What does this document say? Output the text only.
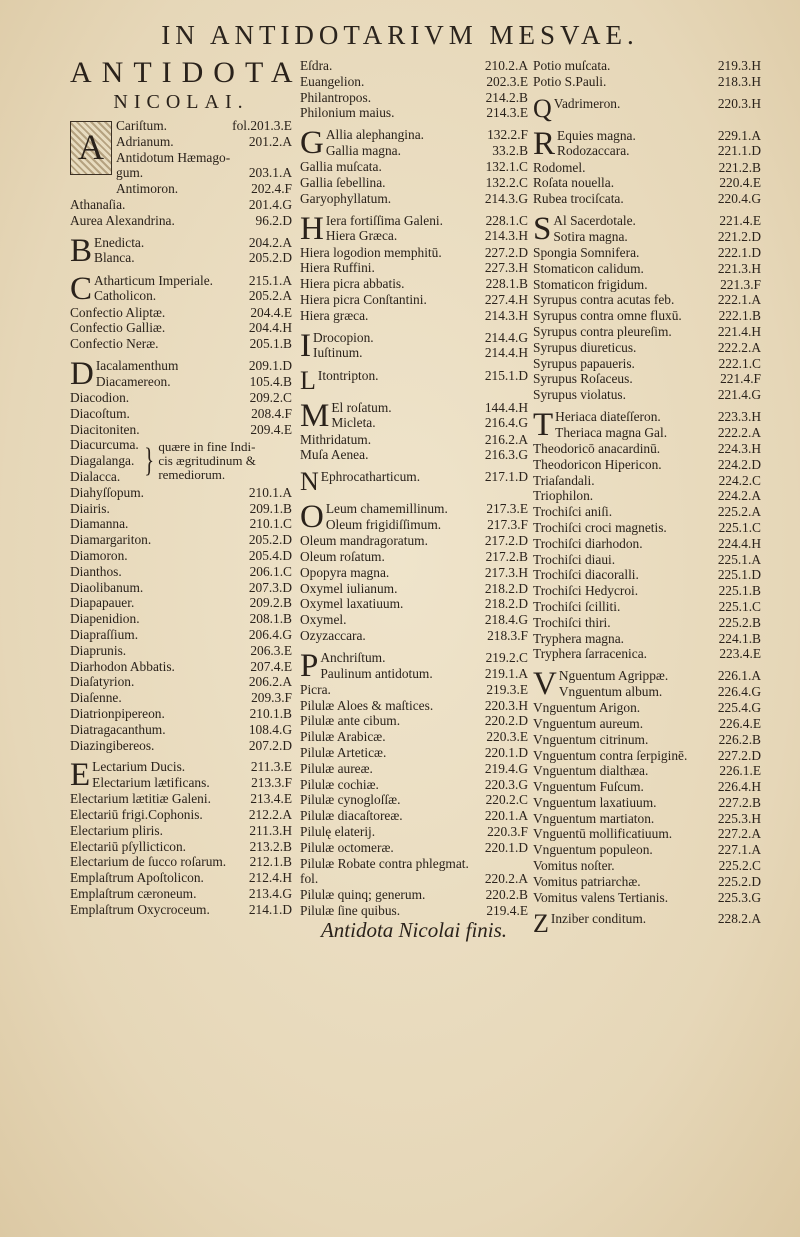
IN ANTIDOTARIVM MESVAE.
ANTIDOTA
NICOLAI.
A
Cariſtum.	fol.201.3.E
Adrianum.	201.2.A
Antidotum Hæmago-
gum.	203.1.A
Antimoron.	202.4.F
Athanaſia.	201.4.G
Aurea Alexandrina.	96.2.D
B Enedicta.	204.2.A
Blanca.	205.2.D
C Atharticum Imperiale.	215.1.A
Catholicon.	205.2.A
Confectio Aliptæ.	204.4.E
Confectio Galliæ.	204.4.H
Confectio Neræ.	205.1.B
D Iacalamenthum	209.1.D
Diacamereon.	105.4.B
Diacodion.	209.2.C
Diacoſtum.	208.4.F
Diacitoniten.	209.4.E
Diacurcuma.
Diagalanga.
Dialacca. } quære in fine Indi-
cis ægritudinum &
remediorum.
Diahyſſopum.	210.1.A
Diairis.	209.1.B
Diamanna.	210.1.C
Diamargariton.	205.2.D
Diamoron.	205.4.D
Dianthos.	206.1.C
Diaolibanum.	207.3.D
Diapapauer.	209.2.B
Diapenidion.	208.1.B
Diapraſſium.	206.4.G
Diaprunis.	206.3.E
Diarhodon Abbatis.	207.4.E
Diaſatyrion.	206.2.A
Diaſenne.	209.3.F
Diatrionpipereon.	210.1.B
Diatragacanthum.	108.4.G
Diazingibereos.	207.2.D
E Lectarium Ducis.	211.3.E
Electarium lætificans.	213.3.F
Electarium lætitiæ Galeni.	213.4.E
Electariū frigi.Cophonis.	212.2.A
Electarium pliris.	211.3.H
Electariū pſyllicticon.	213.2.B
Electarium de ſucco roſarum. 212.1.B
Emplaſtrum Apoſtolicon.	212.4.H
Emplaſtrum cæroneum.	213.4.G
Emplaſtrum Oxycroceum.	214.1.D
Eſdra.	210.2.A
Euangelion.	202.3.E
Philantropos.	214.2.B
Philonium maius.	214.3.E
G Allia alephangina.	132.2.F
Gallia magna.	33.2.B
Gallia muſcata.	132.1.C
Gallia ſebellina.	132.2.C
Garyophyllatum.	214.3.G
H Iera fortiſſima Galeni.	228.1.C
Hiera Græca.	214.3.H
Hiera logodion memphitū.	227.2.D
Hiera Ruffini.	227.3.H
Hiera picra abbatis.	228.1.B
Hiera picra Conſtantini.	227.4.H
Hiera græca.	214.3.H
I Drocopion.	214.4.G
Iuſtinum.	214.4.H
L Itontripton.	215.1.D
M El roſatum.	144.4.H
Micleta.	216.4.G
Mithridatum.	216.2.A
Muſa Aenea.	216.3.G
N Ephrocatharticum.	217.1.D
O Leum chamemillinum.	217.3.E
Oleum frigidiſſimum.	217.3.F
Oleum mandragoratum.	217.2.D
Oleum roſatum.	217.2.B
Opopyra magna.	217.3.H
Oxymel iulianum.	218.2.D
Oxymel laxatiuum.	218.2.D
Oxymel.	218.4.G
Ozyzaccara.	218.3.F
P Anchriſtum.	219.2.C
Paulinum antidotum.	219.1.A
Picra.	219.3.E
Pilulæ Aloes & maſtices.	220.3.H
Pilulæ ante cibum.	220.2.D
Pilulæ Arabicæ.	220.3.E
Pilulæ Arteticæ.	220.1.D
Pilulæ aureæ.	219.4.G
Pilulæ cochiæ.	220.3.G
Pilulæ cynogloſſæ.	220.2.C
Pilulæ diacaſtoreæ.	220.1.A
Pilulę elaterij.	220.3.F
Pilulæ octomeræ.	220.1.D
Pilulæ Robate contra phlegmat.
fol.	220.2.A
Pilulæ quinq; generum.	220.2.B
Pilulæ ſine quibus.	219.4.E
Potio muſcata.	219.3.H
Potio S.Pauli.	218.3.H
Q Vadrimeron.	220.3.H
R Equies magna.	229.1.A
Rodozaccara.	221.1.D
Rodomel.	221.2.B
Roſata nouella.	220.4.E
Rubea trociſcata.	220.4.G
S Al Sacerdotale.	221.4.E
Sotira magna.	221.2.D
Spongia Somnifera.	222.1.D
Stomaticon calidum.	221.3.H
Stomaticon frigidum.	221.3.F
Syrupus contra acutas feb.	222.1.A
Syrupus contra omne fluxū.	222.1.B
Syrupus contra pleureſim.	221.4.H
Syrupus diureticus.	222.2.A
Syrupus papaueris.	222.1.C
Syrupus Roſaceus.	221.4.F
Syrupus violatus.	221.4.G
T Heriaca diateſſeron.	223.3.H
Theriaca magna Gal.	222.2.A
Theodoricō anacardinū.	224.3.H
Theodoricon Hipericon.	224.2.D
Triaſandali.	224.2.C
Triophilon.	224.2.A
Trochiſci aniſi.	225.2.A
Trochiſci croci magnetis.	225.1.C
Trochiſci diarhodon.	224.4.H
Trochiſci diaui.	225.1.A
Trochiſci diacoralli.	225.1.D
Trochiſci Hedycroi.	225.1.B
Trochiſci ſcilliti.	225.1.C
Trochiſci thiri.	225.2.B
Tryphera magna.	224.1.B
Tryphera ſarracenica.	223.4.E
V Nguentum Agrippæ.	226.1.A
Vnguentum album.	226.4.G
Vnguentum Arigon.	225.4.G
Vnguentum aureum.	226.4.E
Vnguentum citrinum.	226.2.B
Vnguentum contra ſerpiginē. 227.2.D
Vnguentum dialthæa.	226.1.E
Vnguentum Fuſcum.	226.4.H
Vnguentum laxatiuum.	227.2.B
Vnguentum martiaton.	225.3.H
Vnguentū mollificatiuum.	227.2.A
Vnguentum populeon.	227.1.A
Vomitus noſter.	225.2.C
Vomitus patriarchæ.	225.2.D
Vomitus valens Tertianis.	225.3.G
Z Inziber conditum.	228.2.A
Antidota Nicolai finis.
